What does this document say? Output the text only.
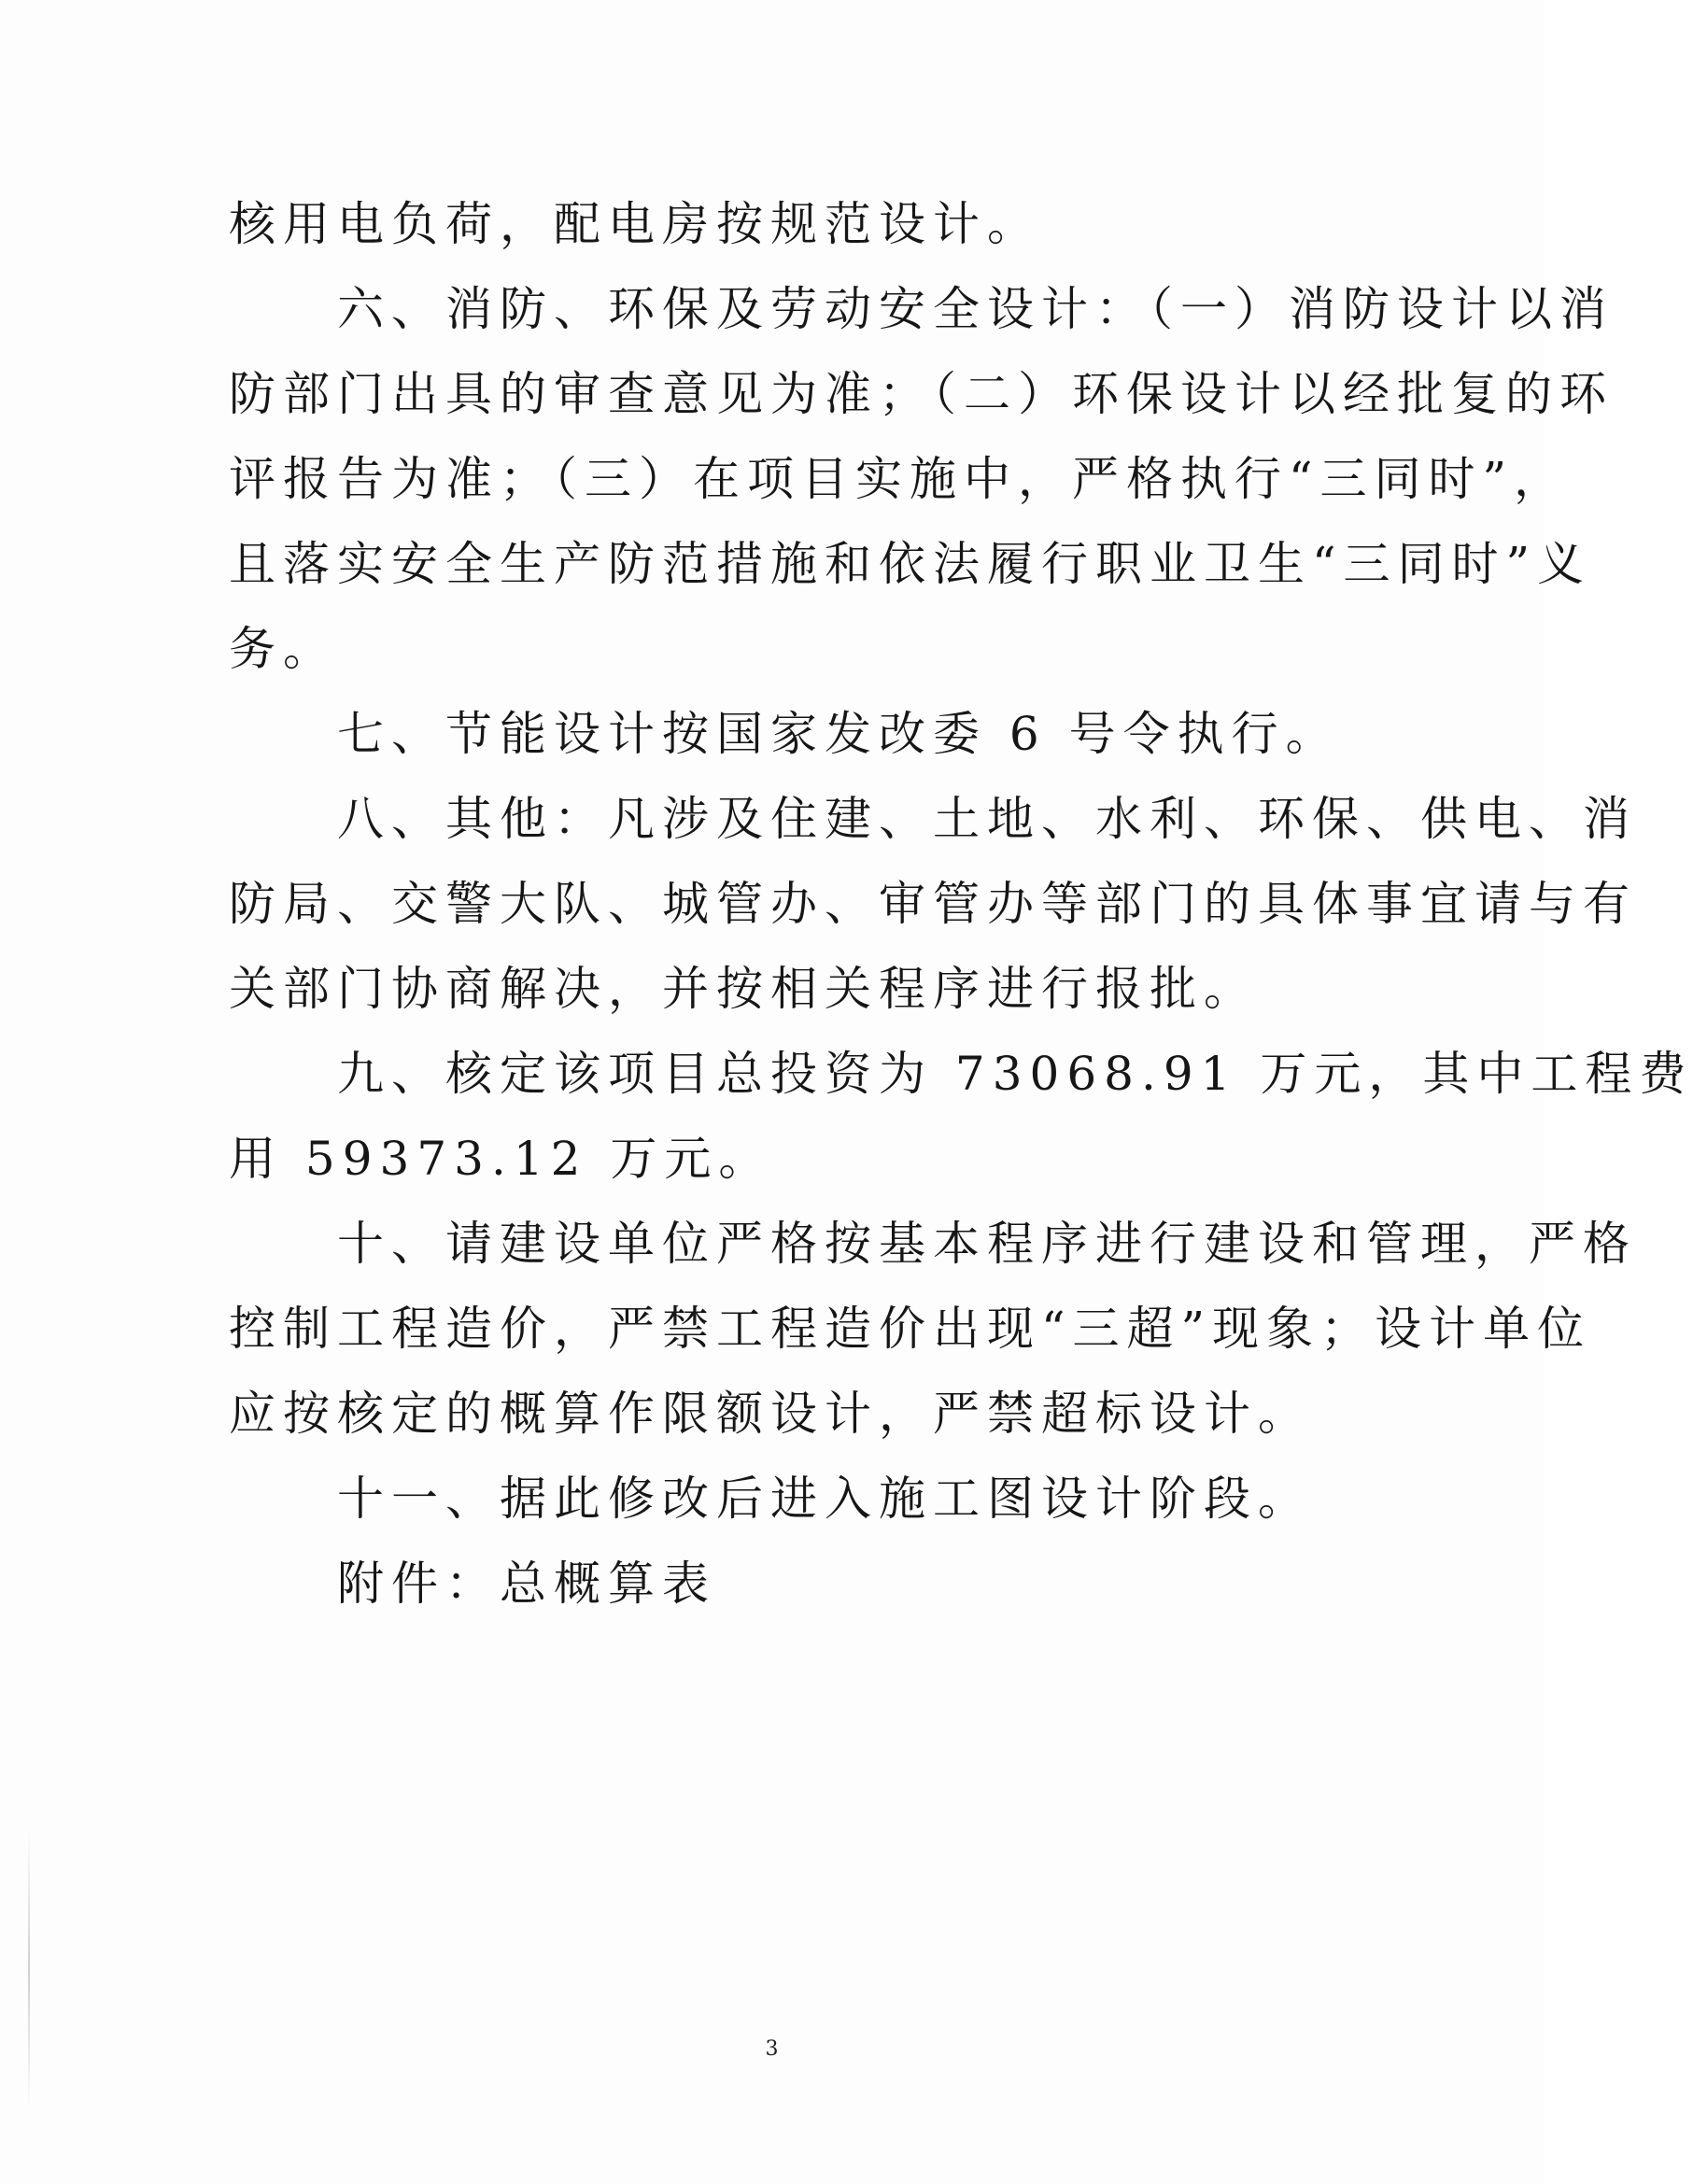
核用电负荷，配电房按规范设计。
六、消防、环保及劳动安全设计：（一）消防设计以消
防部门出具的审查意见为准；（二）环保设计以经批复的环
评报告为准；（三）在项目实施中，严格执行“三同时”，
且落实安全生产防范措施和依法履行职业卫生“三同时”义
务。
七、节能设计按国家发改委 6 号令执行。
八、其他：凡涉及住建、土地、水利、环保、供电、消
防局、交警大队、城管办、审管办等部门的具体事宜请与有
关部门协商解决，并按相关程序进行报批。
九、核定该项目总投资为 73068.91 万元，其中工程费
用 59373.12 万元。
十、请建设单位严格按基本程序进行建设和管理，严格
控制工程造价，严禁工程造价出现“三超”现象；设计单位
应按核定的概算作限额设计，严禁超标设计。
十一、据此修改后进入施工图设计阶段。
附件：总概算表
3
